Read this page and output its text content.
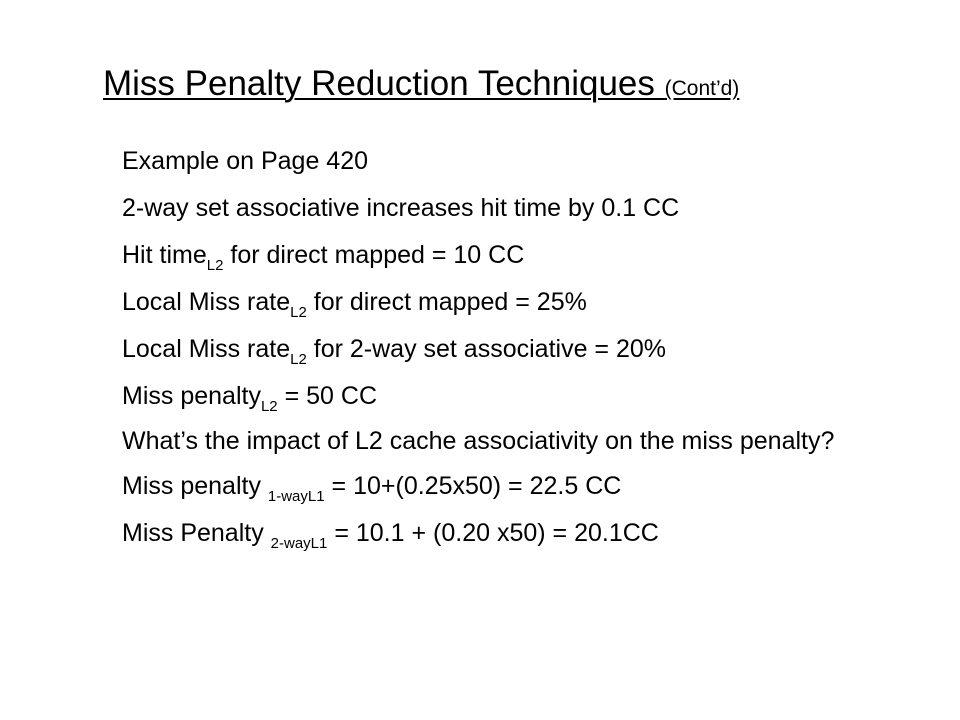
Miss Penalty Reduction Techniques (Cont’d)
Example on Page 420
2-way set associative increases hit time by 0.1 CC
Hit time$_{L2}$ for direct mapped = 10 CC
Local Miss rate$_{L2}$ for direct mapped = 25%
Local Miss rate$_{L2}$ for 2-way set associative = 20%
Miss penalty$_{L2}$ = 50 CC
What’s the impact of L2 cache associativity on the miss penalty?
Miss penalty $_{1-wayL1}$ = 10+(0.25x50) = 22.5 CC
Miss Penalty $_{2-wayL1}$ = 10.1 + (0.20 x50) = 20.1CC
